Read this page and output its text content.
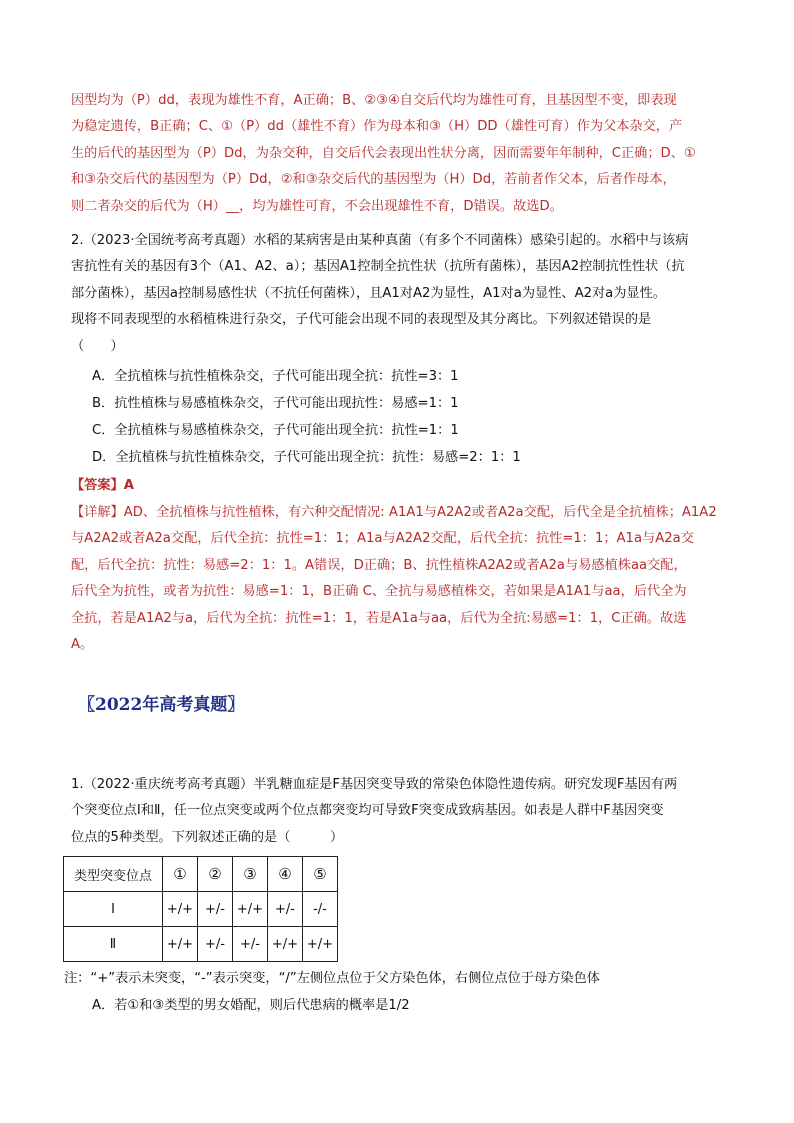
因型均为（P）dd，表现为雄性不育，A正确；B、②③④自交后代均为雄性可育，且基因型不变，即表现
为稳定遗传，B正确；C、①（P）dd（雄性不育）作为母本和③（H）DD（雄性可育）作为父本杂交，产
生的后代的基因型为（P）Dd，为杂交种，自交后代会表现出性状分离，因而需要年年制种，C正确；D、①
和③杂交后代的基因型为（P）Dd，②和③杂交后代的基因型为（H）Dd，若前者作父本，后者作母本，
则二者杂交的后代为（H）__，均为雄性可育，不会出现雄性不育，D错误。故选D。
2.（2023·全国统考高考真题）水稻的某病害是由某种真菌（有多个不同菌株）感染引起的。水稻中与该病
害抗性有关的基因有3个（A1、A2、a）；基因A1控制全抗性状（抗所有菌株），基因A2控制抗性性状（抗
部分菌株），基因a控制易感性状（不抗任何菌株），且A1对A2为显性，A1对a为显性、A2对a为显性。
现将不同表现型的水稻植株进行杂交，子代可能会出现不同的表现型及其分离比。下列叙述错误的是
（　　）
A．全抗植株与抗性植株杂交，子代可能出现全抗：抗性=3：1
B．抗性植株与易感植株杂交，子代可能出现抗性：易感=1：1
C．全抗植株与易感植株杂交，子代可能出现全抗：抗性=1：1
D．全抗植株与抗性植株杂交，子代可能出现全抗：抗性：易感=2：1：1
【答案】A
【详解】AD、全抗植株与抗性植株，有六种交配情况: A1A1与A2A2或者A2a交配，后代全是全抗植株；A1A2
与A2A2或者A2a交配，后代全抗：抗性=1：1；A1a与A2A2交配，后代全抗：抗性=1：1；A1a与A2a交
配，后代全抗：抗性：易感=2：1：1。A错误，D正确；B、抗性植株A2A2或者A2a与易感植株aa交配，
后代全为抗性，或者为抗性：易感=1：1，B正确 C、全抗与易感植株交，若如果是A1A1与aa，后代全为
全抗，若是A1A2与a，后代为全抗：抗性=1：1，若是A1a与aa，后代为全抗:易感=1：1，C正确。故选
A。
〖2022年高考真题〗
1.（2022·重庆统考高考真题）半乳糖血症是F基因突变导致的常染色体隐性遗传病。研究发现F基因有两
个突变位点Ⅰ和Ⅱ，任一位点突变或两个位点都突变均可导致F突变成致病基因。如表是人群中F基因突变
位点的5种类型。下列叙述正确的是（　　　）
类型突变位点	①	②	③	④	⑤
Ⅰ	+/+	+/-	+/+	+/-	-/-
Ⅱ	+/+	+/-	+/-	+/+	+/+
注：“+”表示未突变，“-”表示突变，“/”左侧位点位于父方染色体，右侧位点位于母方染色体
A．若①和③类型的男女婚配，则后代患病的概率是1/2
